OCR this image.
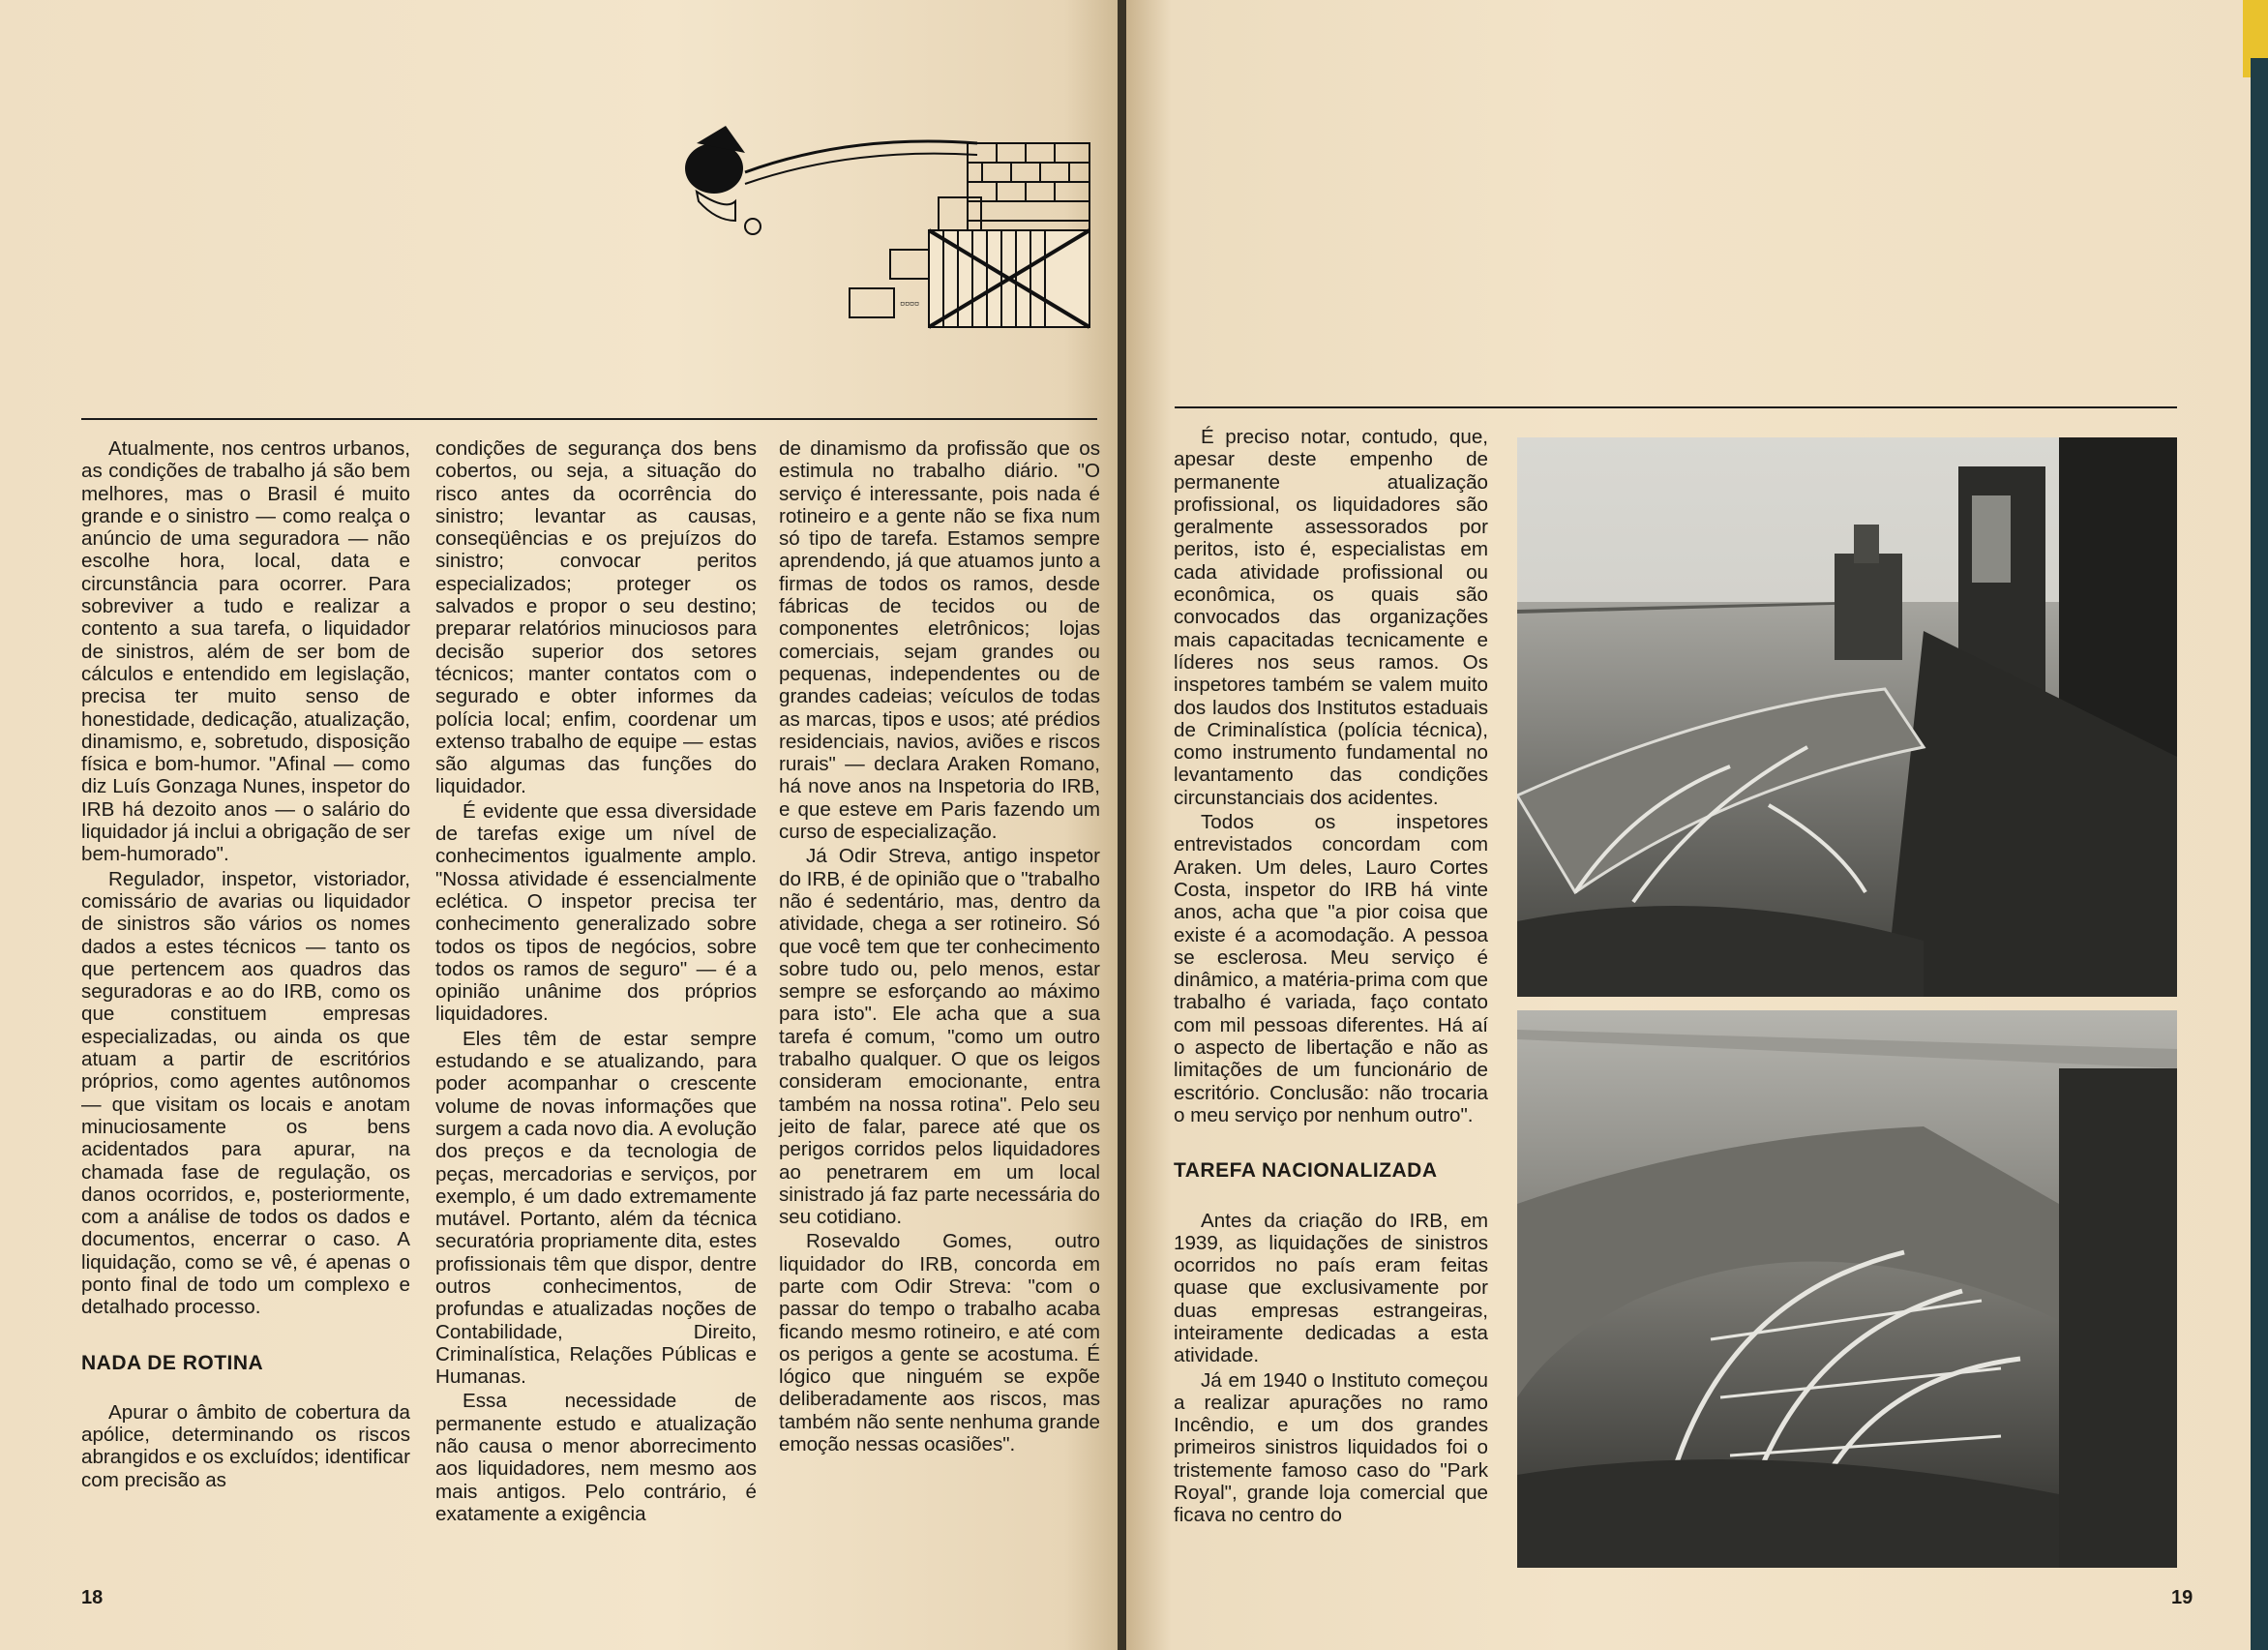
▫▫▫▫

Atualmente, nos centros urbanos, as condições de trabalho já são bem melhores, mas o Brasil é muito grande e o sinistro — como realça o anúncio de uma seguradora — não escolhe hora, local, data e circunstância para ocorrer. Para sobreviver a tudo e realizar a contento a sua tarefa, o liquidador de sinistros, além de ser bom de cálculos e entendido em legislação, precisa ter muito senso de honestidade, dedicação, atualização, dinamismo, e, sobretudo, disposição física e bom-humor. "Afinal — como diz Luís Gonzaga Nunes, inspetor do IRB há dezoito anos — o salário do liquidador já inclui a obrigação de ser bem-humorado".

Regulador, inspetor, vistoriador, comissário de avarias ou liquidador de sinistros são vários os nomes dados a estes técnicos — tanto os que pertencem aos quadros das seguradoras e ao do IRB, como os que constituem empresas especializadas, ou ainda os que atuam a partir de escritórios próprios, como agentes autônomos — que visitam os locais e anotam minuciosamente os bens acidentados para apurar, na chamada fase de regulação, os danos ocorridos, e, posteriormente, com a análise de todos os dados e documentos, encerrar o caso. A liquidação, como se vê, é apenas o ponto final de todo um complexo e detalhado processo.

NADA DE ROTINA

Apurar o âmbito de cobertura da apólice, determinando os riscos abrangidos e os excluídos; identificar com precisão as

condições de segurança dos bens cobertos, ou seja, a situação do risco antes da ocorrência do sinistro; levantar as causas, conseqüências e os prejuízos do sinistro; convocar peritos especializados; proteger os salvados e propor o seu destino; preparar relatórios minuciosos para decisão superior dos setores técnicos; manter contatos com o segurado e obter informes da polícia local; enfim, coordenar um extenso trabalho de equipe — estas são algumas das funções do liquidador.

É evidente que essa diversidade de tarefas exige um nível de conhecimentos igualmente amplo. "Nossa atividade é essencialmente eclética. O inspetor precisa ter conhecimento generalizado sobre todos os tipos de negócios, sobre todos os ramos de seguro" — é a opinião unânime dos próprios liquidadores.

Eles têm de estar sempre estudando e se atualizando, para poder acompanhar o crescente volume de novas informações que surgem a cada novo dia. A evolução dos preços e da tecnologia de peças, mercadorias e serviços, por exemplo, é um dado extremamente mutável. Portanto, além da técnica securatória propriamente dita, estes profissionais têm que dispor, dentre outros conhecimentos, de profundas e atualizadas noções de Contabilidade, Direito, Criminalística, Relações Públicas e Humanas.

Essa necessidade de permanente estudo e atualização não causa o menor aborrecimento aos liquidadores, nem mesmo aos mais antigos. Pelo contrário, é exatamente a exigência

de dinamismo da profissão que os estimula no trabalho diário. "O serviço é interessante, pois nada é rotineiro e a gente não se fixa num só tipo de tarefa. Estamos sempre aprendendo, já que atuamos junto a firmas de todos os ramos, desde fábricas de tecidos ou de componentes eletrônicos; lojas comerciais, sejam grandes ou pequenas, independentes ou de grandes cadeias; veículos de todas as marcas, tipos e usos; até prédios residenciais, navios, aviões e riscos rurais" — declara Araken Romano, há nove anos na Inspetoria do IRB, e que esteve em Paris fazendo um curso de especialização.

Já Odir Streva, antigo inspetor do IRB, é de opinião que o "trabalho não é sedentário, mas, dentro da atividade, chega a ser rotineiro. Só que você tem que ter conhecimento sobre tudo ou, pelo menos, estar sempre se esforçando ao máximo para isto". Ele acha que a sua tarefa é comum, "como um outro trabalho qualquer. O que os leigos consideram emocionante, entra também na nossa rotina". Pelo seu jeito de falar, parece até que os perigos corridos pelos liquidadores ao penetrarem em um local sinistrado já faz parte necessária do seu cotidiano.

Rosevaldo Gomes, outro liquidador do IRB, concorda em parte com Odir Streva: "com o passar do tempo o trabalho acaba ficando mesmo rotineiro, e até com os perigos a gente se acostuma. É lógico que ninguém se expõe deliberadamente aos riscos, mas também não sente nenhuma grande emoção nessas ocasiões".

18

É preciso notar, contudo, que, apesar deste empenho de permanente atualização profissional, os liquidadores são geralmente assessorados por peritos, isto é, especialistas em cada atividade profissional ou econômica, os quais são convocados das organizações mais capacitadas tecnicamente e líderes nos seus ramos. Os inspetores também se valem muito dos laudos dos Institutos estaduais de Criminalística (polícia técnica), como instrumento fundamental no levantamento das condições circunstanciais dos acidentes.

Todos os inspetores entrevistados concordam com Araken. Um deles, Lauro Cortes Costa, inspetor do IRB há vinte anos, acha que "a pior coisa que existe é a acomodação. A pessoa se esclerosa. Meu serviço é dinâmico, a matéria-prima com que trabalho é variada, faço contato com mil pessoas diferentes. Há aí o aspecto de libertação e não as limitações de um funcionário de escritório. Conclusão: não trocaria o meu serviço por nenhum outro".

TAREFA NACIONALIZADA

Antes da criação do IRB, em 1939, as liquidações de sinistros ocorridos no país eram feitas quase que exclusivamente por duas empresas estrangeiras, inteiramente dedicadas a esta atividade.

Já em 1940 o Instituto começou a realizar apurações no ramo Incêndio, e um dos grandes primeiros sinistros liquidados foi o tristemente famoso caso do "Park Royal", grande loja comercial que ficava no centro do

19
